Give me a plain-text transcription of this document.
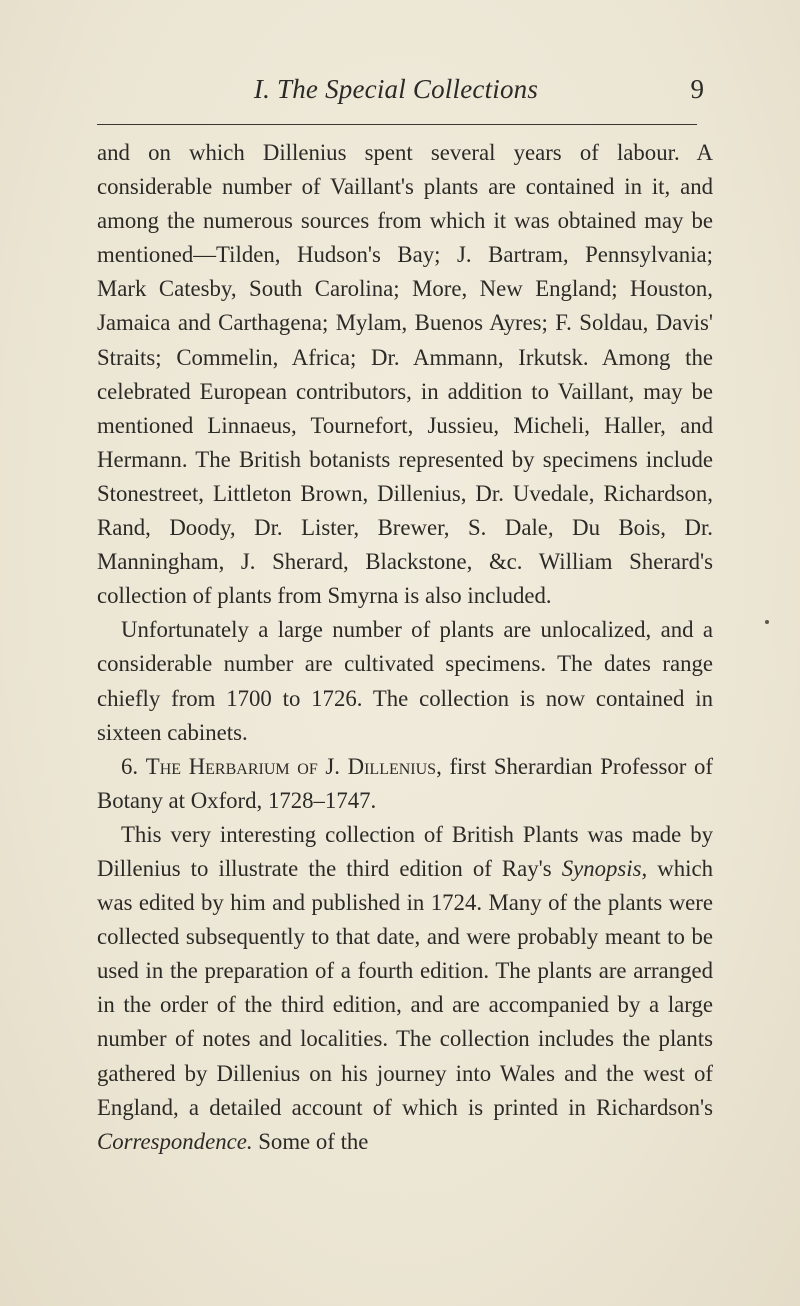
I. The Special Collections	9

and on which Dillenius spent several years of labour. A considerable number of Vaillant's plants are contained in it, and among the numerous sources from which it was obtained may be mentioned—Tilden, Hudson's Bay; J. Bartram, Pennsylvania; Mark Catesby, South Carolina; More, New England; Houston, Jamaica and Carthagena; Mylam, Buenos Ayres; F. Soldau, Davis' Straits; Commelin, Africa; Dr. Ammann, Irkutsk. Among the celebrated European contributors, in addition to Vaillant, may be mentioned Linnaeus, Tournefort, Jussieu, Micheli, Haller, and Hermann. The British botanists represented by specimens include Stonestreet, Littleton Brown, Dillenius, Dr. Uvedale, Richardson, Rand, Doody, Dr. Lister, Brewer, S. Dale, Du Bois, Dr. Manningham, J. Sherard, Blackstone, &c. William Sherard's collection of plants from Smyrna is also included.

Unfortunately a large number of plants are unlocalized, and a considerable number are cultivated specimens. The dates range chiefly from 1700 to 1726. The collection is now contained in sixteen cabinets.

6. The Herbarium of J. Dillenius, first Sherardian Professor of Botany at Oxford, 1728–1747.

This very interesting collection of British Plants was made by Dillenius to illustrate the third edition of Ray's Synopsis, which was edited by him and published in 1724. Many of the plants were collected subsequently to that date, and were probably meant to be used in the preparation of a fourth edition. The plants are arranged in the order of the third edition, and are accompanied by a large number of notes and localities. The collection includes the plants gathered by Dillenius on his journey into Wales and the west of England, a detailed account of which is printed in Richardson's Correspondence. Some of the
